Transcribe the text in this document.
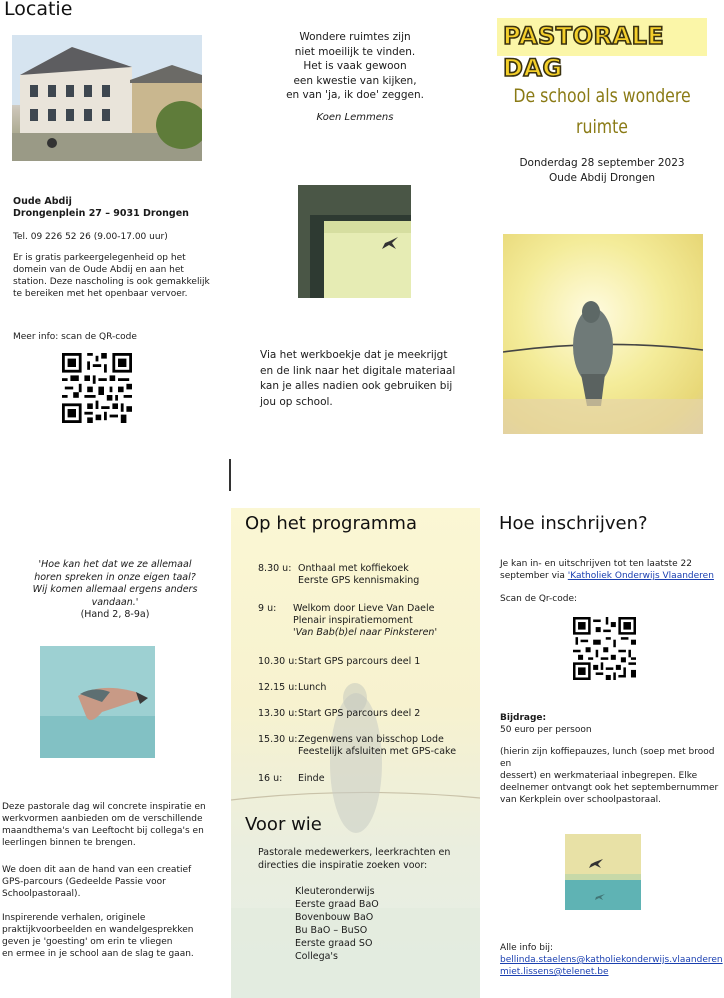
Locatie
Oude Abdij
Drongenplein 27 – 9031 Drongen
Tel. 09 226 52 26 (9.00-17.00 uur)
Er is gratis parkeergelegenheid op het
domein van de Oude Abdij en aan het
station. Deze nascholing is ook gemakkelijk
te bereiken met het openbaar vervoer.
Meer info: scan de QR-code
Wondere ruimtes zijn
niet moeilijk te vinden.
Het is vaak gewoon
een kwestie van kijken,
en van 'ja, ik doe' zeggen.
Koen Lemmens
Via het werkboekje dat je meekrijgt
en de link naar het digitale materiaal
kan je alles nadien ook gebruiken bij
jou op school.
PASTORALE DAG
De school als wondere
ruimte
Donderdag 28 september 2023
Oude Abdij Drongen
'Hoe kan het dat we ze allemaal
horen spreken in onze eigen taal?
Wij komen allemaal ergens anders vandaan.'
(Hand 2, 8-9a)
Deze pastorale dag wil concrete inspiratie en
werkvormen aanbieden om de verschillende
maandthema's van Leeftocht bij collega's en
leerlingen binnen te brengen.
We doen dit aan de hand van een creatief
GPS-parcours (Gedeelde Passie voor
Schoolpastoraal).
Inspirerende verhalen, originele
praktijkvoorbeelden en wandelgesprekken
geven je 'goesting' om erin te vliegen
en ermee in je school aan de slag te gaan.
Op het programma
8.30 u: Onthaal met koffiekoek
Eerste GPS kennismaking
9 u: Welkom door Lieve Van Daele
Plenair inspiratiemoment
'Van Bab(b)el naar Pinksteren'
10.30 u: Start GPS parcours deel 1
12.15 u: Lunch
13.30 u: Start GPS parcours deel 2
15.30 u: Zegenwens van bisschop Lode
Feestelijk afsluiten met GPS-cake
16 u: Einde
Voor wie
Pastorale medewerkers, leerkrachten en
directies die inspiratie zoeken voor:
Kleuteronderwijs
Eerste graad BaO
Bovenbouw BaO
Bu BaO – BuSO
Eerste graad SO
Collega's
Hoe inschrijven?
Je kan in- en uitschrijven tot ten laatste 22
september via 'Katholiek Onderwijs Vlaanderen
Scan de Qr-code:
Bijdrage:
50 euro per persoon
(hierin zijn koffiepauzes, lunch (soep met brood en
dessert) en werkmateriaal inbegrepen. Elke
deelnemer ontvangt ook het septembernummer
van Kerkplein over schoolpastoraal.
Alle info bij:
bellinda.staelens@katholiekonderwijs.vlaanderen
miet.lissens@telenet.be
